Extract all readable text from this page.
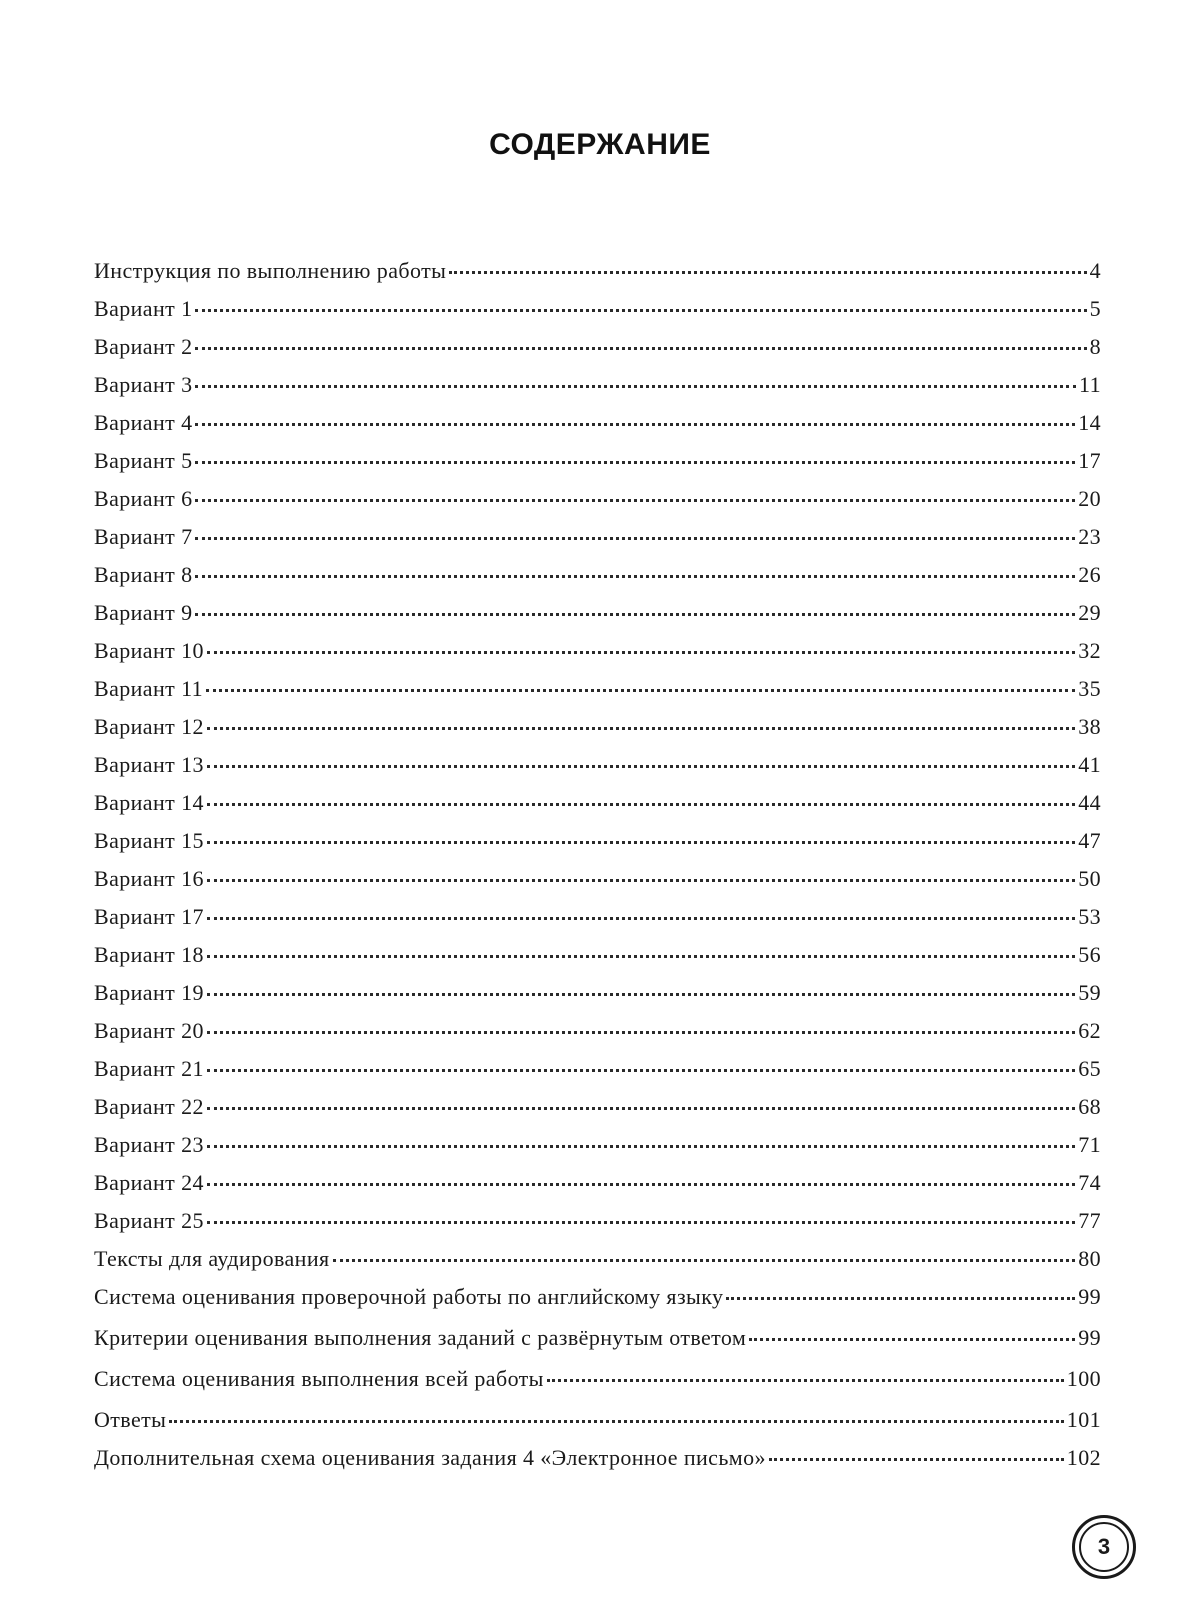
СОДЕРЖАНИЕ
Инструкция по выполнению работы	4
Вариант 1	5
Вариант 2	8
Вариант 3	11
Вариант 4	14
Вариант 5	17
Вариант 6	20
Вариант 7	23
Вариант 8	26
Вариант 9	29
Вариант 10	32
Вариант 11	35
Вариант 12	38
Вариант 13	41
Вариант 14	44
Вариант 15	47
Вариант 16	50
Вариант 17	53
Вариант 18	56
Вариант 19	59
Вариант 20	62
Вариант 21	65
Вариант 22	68
Вариант 23	71
Вариант 24	74
Вариант 25	77
Тексты для аудирования	80
Система оценивания проверочной работы по английскому языку	99
Критерии оценивания выполнения заданий с развёрнутым ответом	99
Система оценивания выполнения всей работы	100
Ответы	101
Дополнительная схема оценивания задания 4 «Электронное письмо»	102
3
